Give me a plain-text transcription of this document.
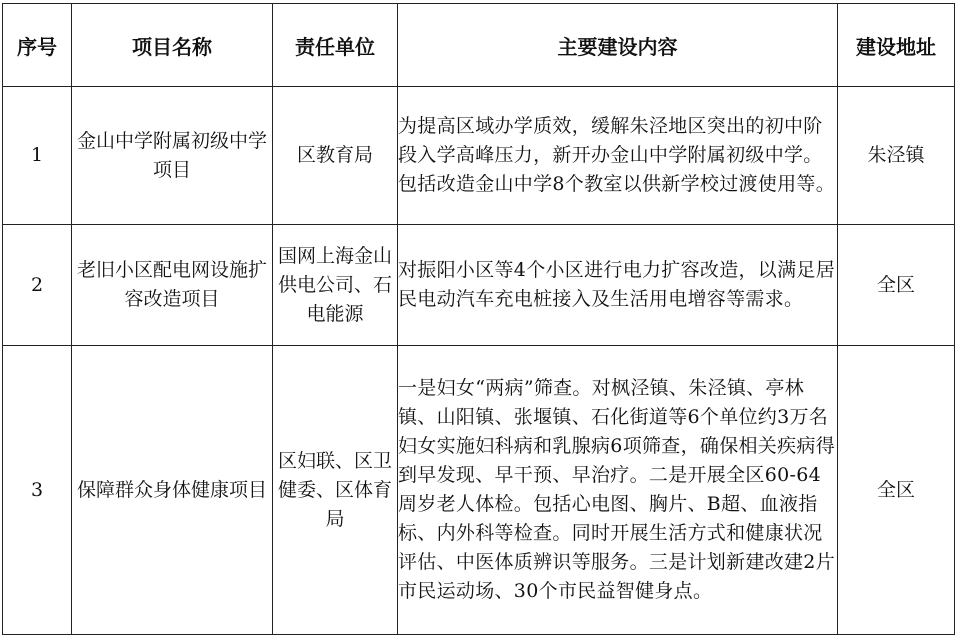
序号	项目名称	责任单位	主要建设内容	建设地址
1	金山中学附属初级中学项目	区教育局	为提高区域办学质效，缓解朱泾地区突出的初中阶段入学高峰压力，新开办金山中学附属初级中学。包括改造金山中学8个教室以供新学校过渡使用等。	朱泾镇
2	老旧小区配电网设施扩容改造项目	国网上海金山供电公司、石电能源	对振阳小区等4个小区进行电力扩容改造，以满足居民电动汽车充电桩接入及生活用电增容等需求。	全区
3	保障群众身体健康项目	区妇联、区卫健委、区体育局	一是妇女“两病”筛查。对枫泾镇、朱泾镇、亭林镇、山阳镇、张堰镇、石化街道等6个单位约3万名妇女实施妇科病和乳腺病6项筛查，确保相关疾病得到早发现、早干预、早治疗。二是开展全区60-64周岁老人体检。包括心电图、胸片、B超、血液指标、内外科等检查。同时开展生活方式和健康状况评估、中医体质辨识等服务。三是计划新建改建2片市民运动场、30个市民益智健身点。	全区
